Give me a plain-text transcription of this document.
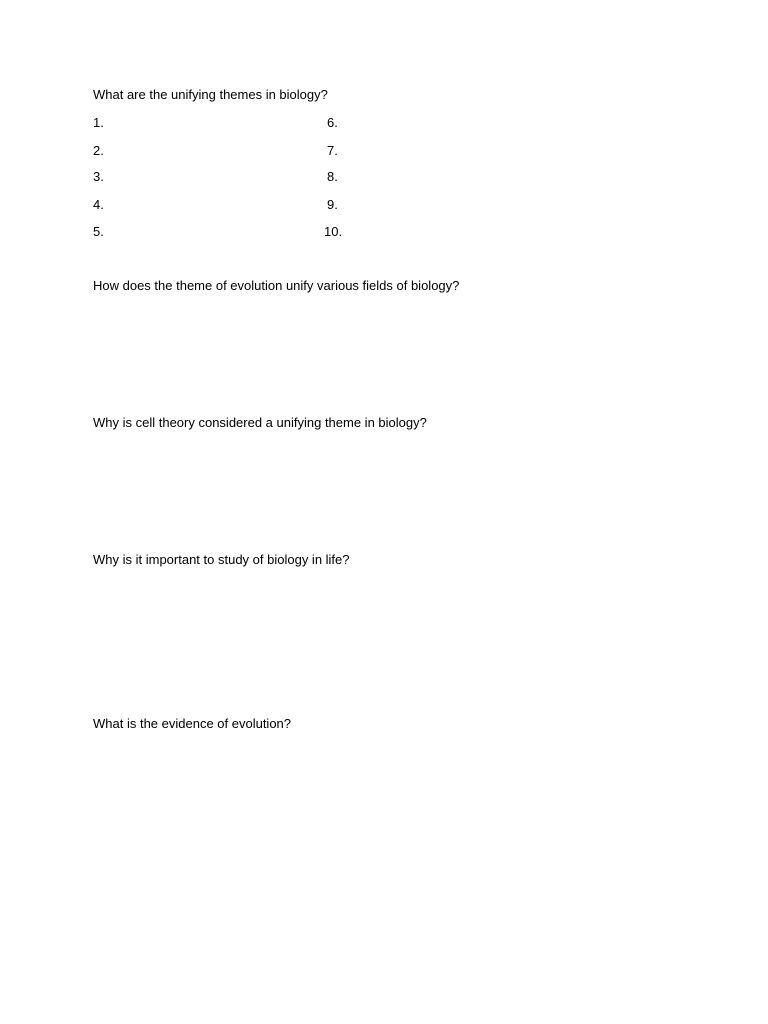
What are the unifying themes in biology?
1.
2.
3.
4.
5.
6.
7.
8.
9.
10.
How does the theme of evolution unify various fields of biology?
Why is cell theory considered a unifying theme in biology?
Why is it important to study of biology in life?
What is the evidence of evolution?
